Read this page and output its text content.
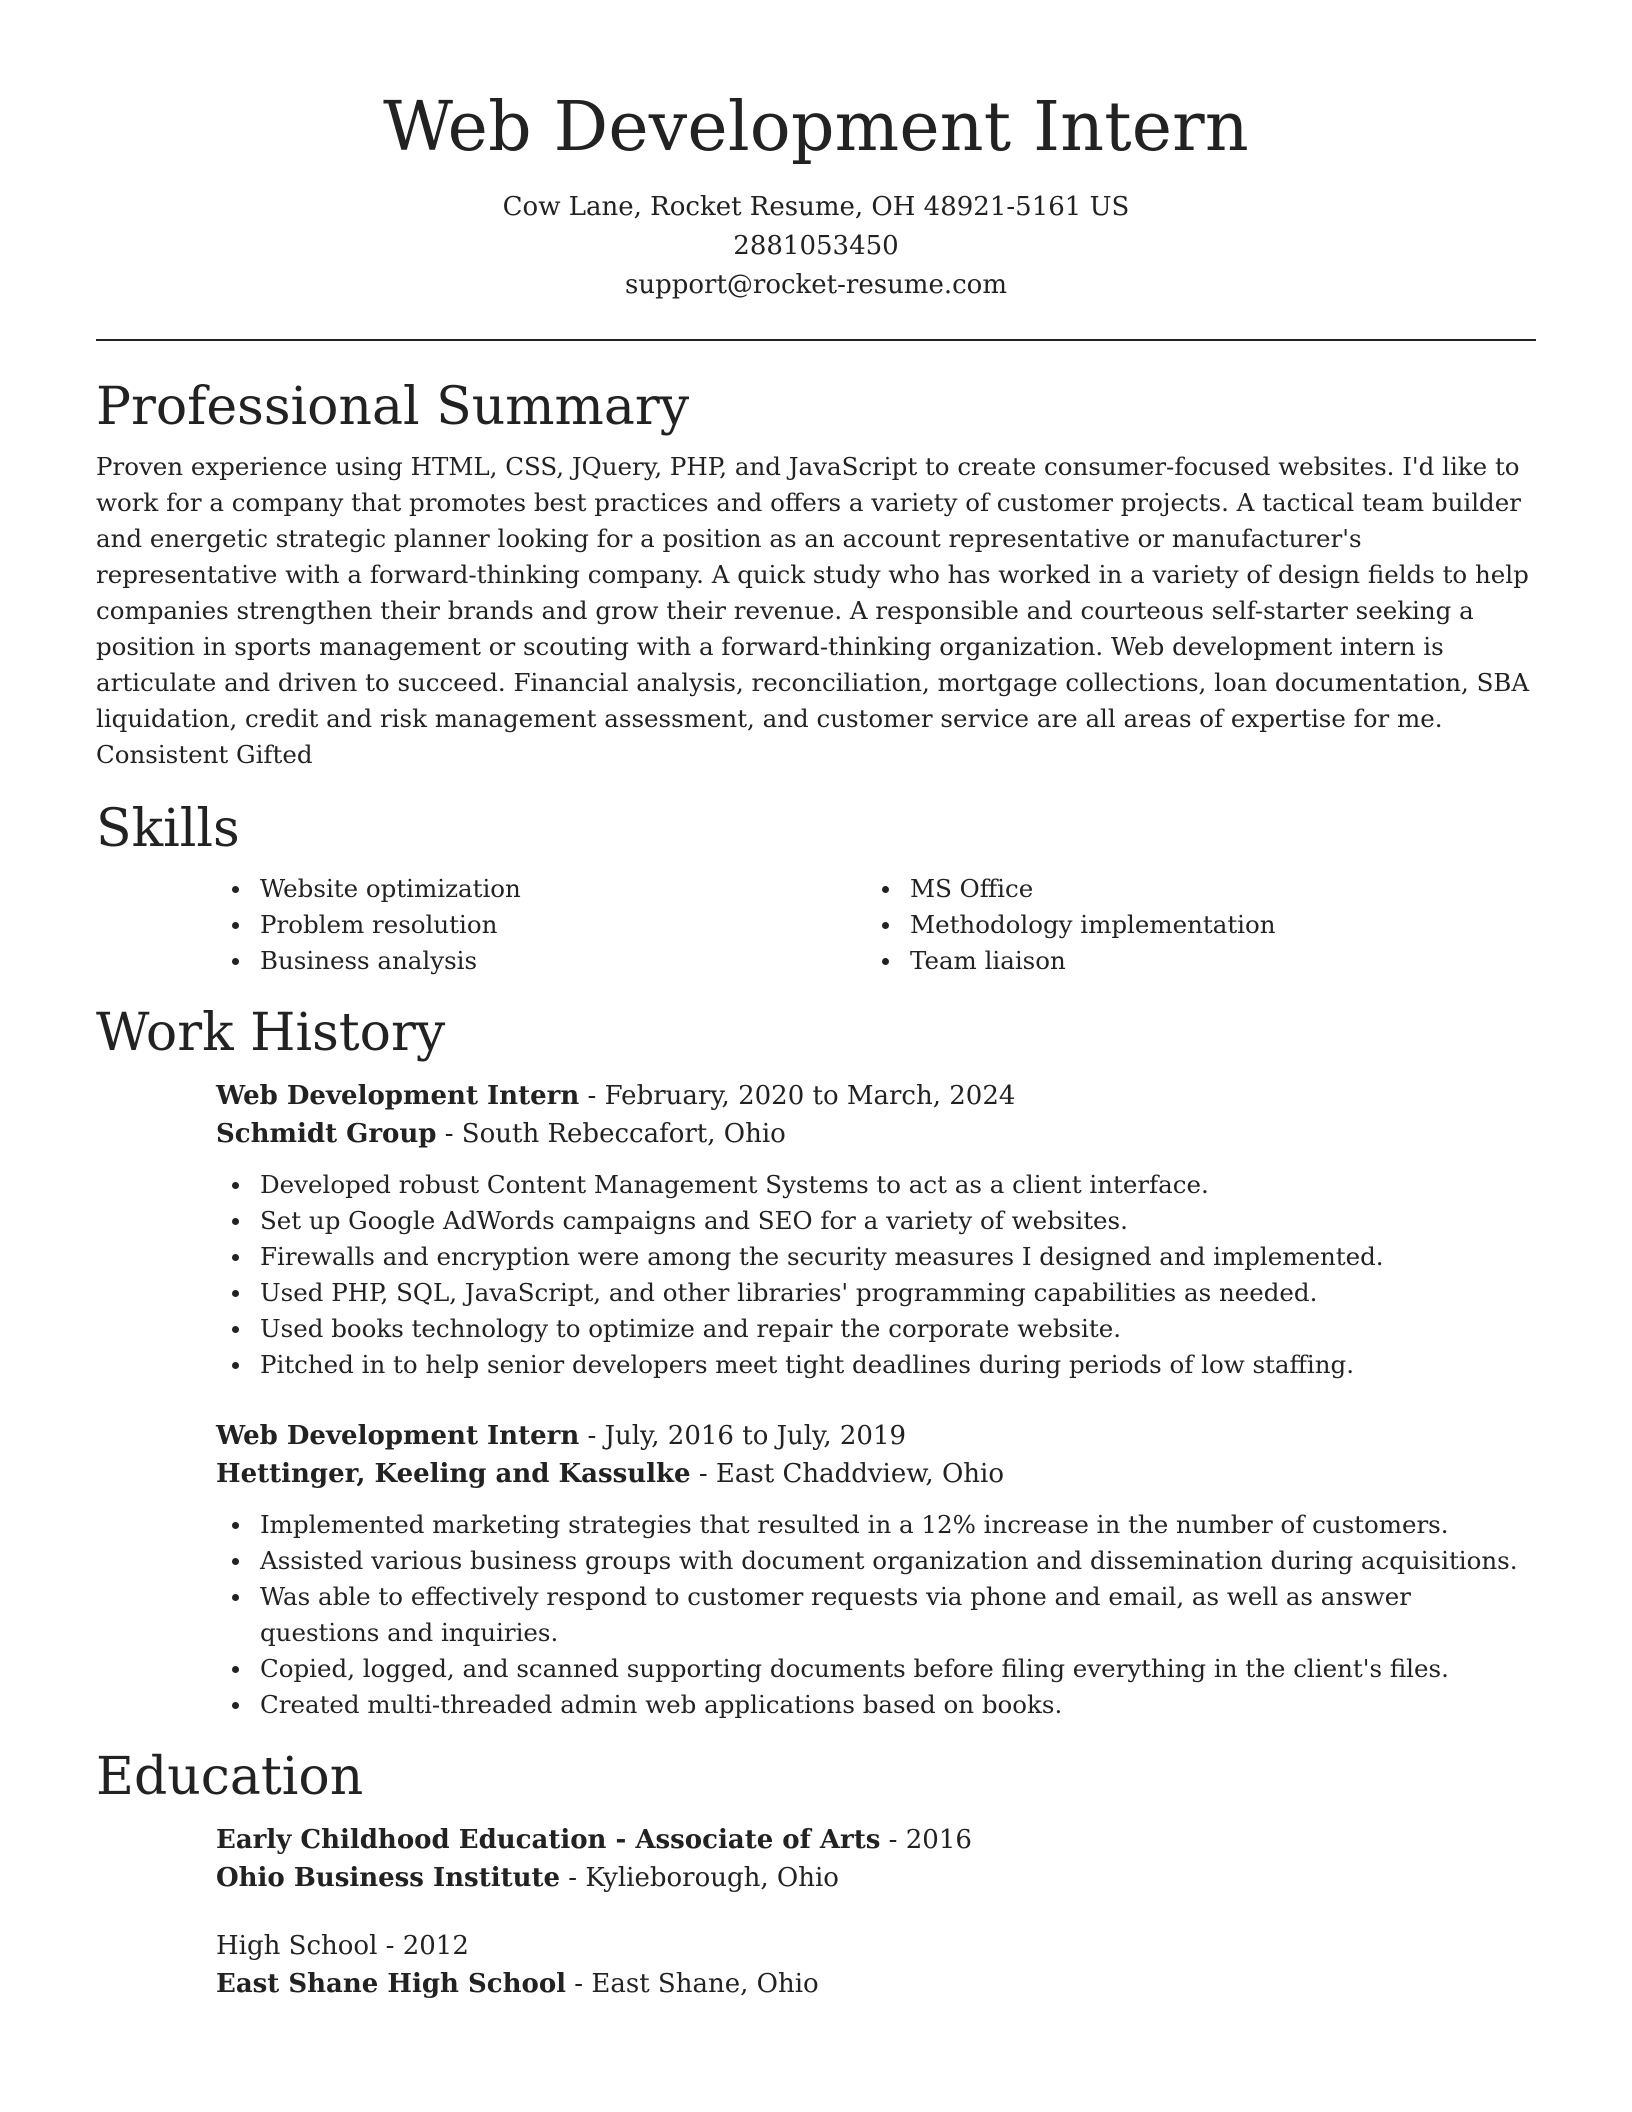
Web Development Intern
Cow Lane, Rocket Resume, OH 48921-5161 US
2881053450
support@rocket-resume.com
Professional Summary

Proven experience using HTML, CSS, JQuery, PHP, and JavaScript to create consumer-focused websites. I'd like to work for a company that promotes best practices and offers a variety of customer projects. A tactical team builder and energetic strategic planner looking for a position as an account representative or manufacturer's representative with a forward-thinking company. A quick study who has worked in a variety of design fields to help companies strengthen their brands and grow their revenue. A responsible and courteous self-starter seeking a position in sports management or scouting with a forward-thinking organization. Web development intern is articulate and driven to succeed. Financial analysis, reconciliation, mortgage collections, loan documentation, SBA liquidation, credit and risk management assessment, and customer service are all areas of expertise for me. Consistent Gifted

Skills
Website optimization
Problem resolution
Business analysis
MS Office
Methodology implementation
Team liaison
Work History
Web Development Intern - February, 2020 to March, 2024
Schmidt Group - South Rebeccafort, Ohio
Developed robust Content Management Systems to act as a client interface.
Set up Google AdWords campaigns and SEO for a variety of websites.
Firewalls and encryption were among the security measures I designed and implemented.
Used PHP, SQL, JavaScript, and other libraries' programming capabilities as needed.
Used books technology to optimize and repair the corporate website.
Pitched in to help senior developers meet tight deadlines during periods of low staffing.
Web Development Intern - July, 2016 to July, 2019
Hettinger, Keeling and Kassulke - East Chaddview, Ohio
Implemented marketing strategies that resulted in a 12% increase in the number of customers.
Assisted various business groups with document organization and dissemination during acquisitions.
Was able to effectively respond to customer requests via phone and email, as well as answer questions and inquiries.
Copied, logged, and scanned supporting documents before filing everything in the client's files.
Created multi-threaded admin web applications based on books.
Education
Early Childhood Education - Associate of Arts - 2016
Ohio Business Institute - Kylieborough, Ohio
High School - 2012
East Shane High School - East Shane, Ohio
